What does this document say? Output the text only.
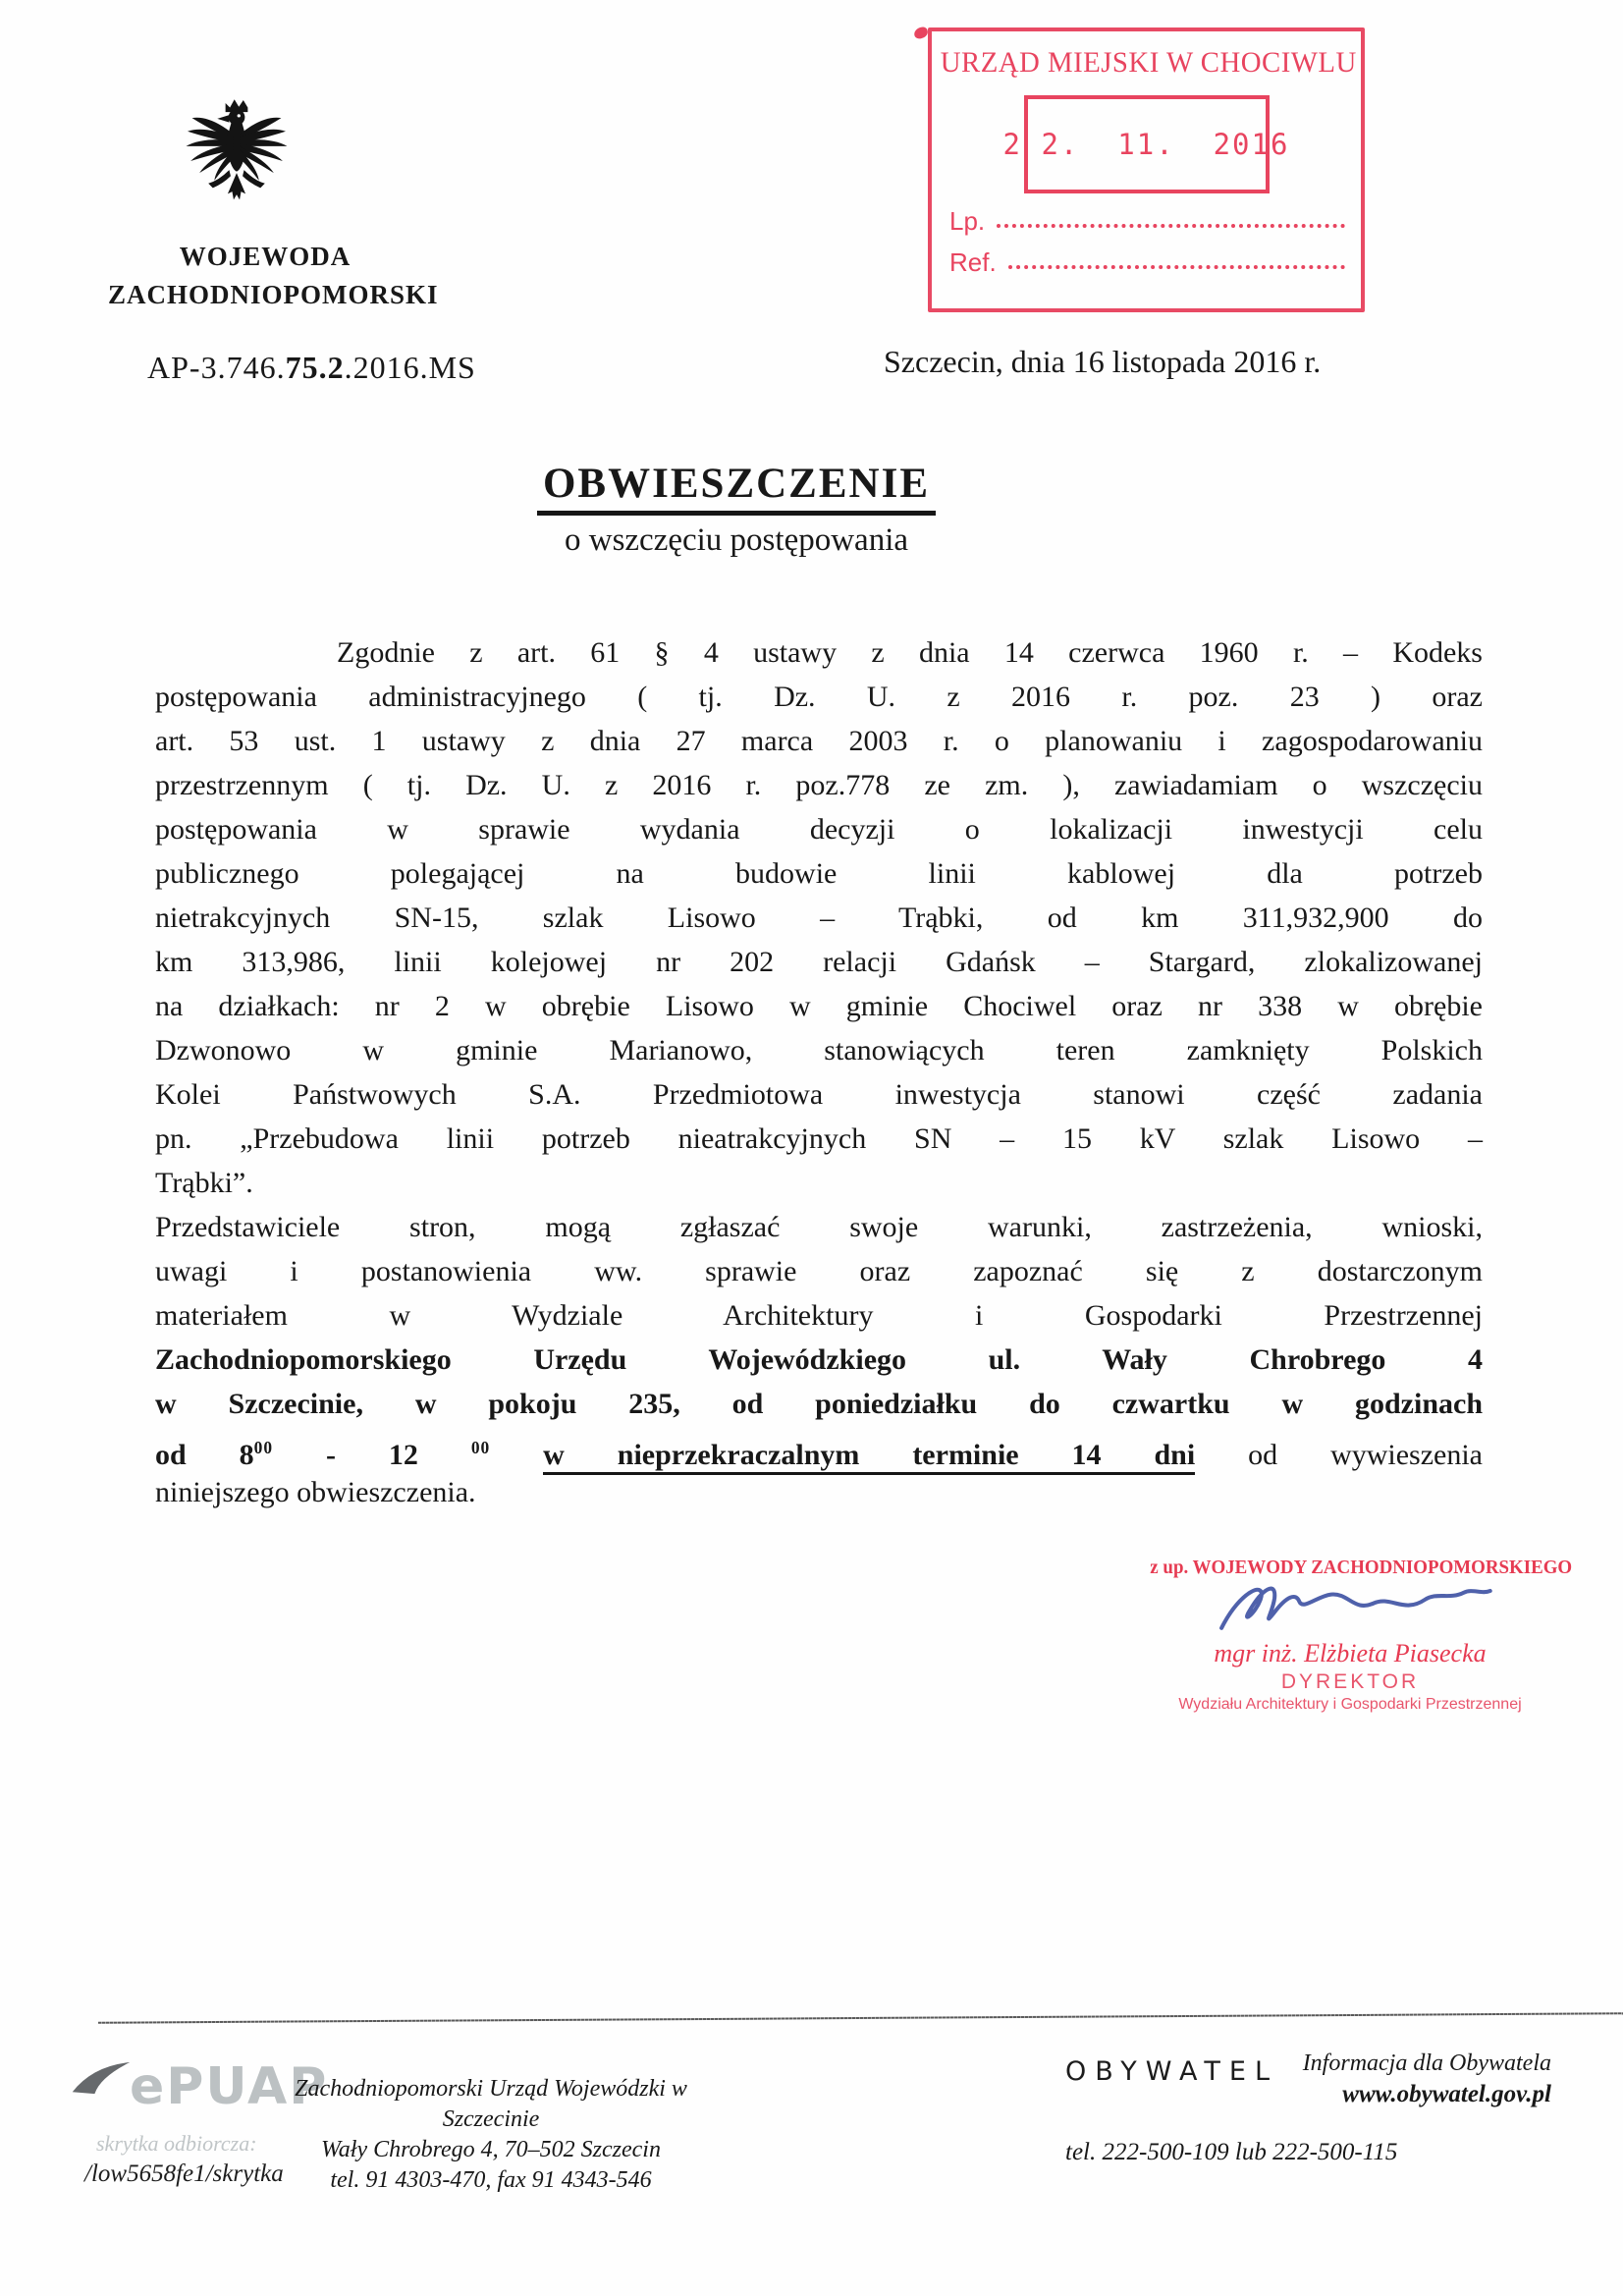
WOJEWODA
ZACHODNIOPOMORSKI
AP-3.746.75.2.2016.MS
URZĄD MIEJSKI W CHOCIWLU
2 2.  11.  2016
Lp.
Ref.
Szczecin, dnia 16 listopada 2016 r.
OBWIESZCZENIE
o wszczęciu postępowania
Zgodnie z art. 61 § 4 ustawy z dnia 14 czerwca 1960 r. – Kodeks
postępowania administracyjnego ( tj. Dz. U. z 2016 r. poz. 23 ) oraz
art. 53 ust. 1 ustawy z dnia 27 marca 2003 r. o planowaniu i zagospodarowaniu
przestrzennym ( tj. Dz. U. z 2016 r. poz.778 ze zm. ), zawiadamiam o wszczęciu
postępowania w sprawie wydania decyzji o lokalizacji inwestycji celu
publicznego polegającej na budowie linii kablowej dla potrzeb
nietrakcyjnych SN-15, szlak Lisowo – Trąbki, od km 311,932,900 do
km 313,986, linii kolejowej nr 202 relacji Gdańsk – Stargard, zlokalizowanej
na działkach: nr 2 w obrębie Lisowo w gminie Chociwel oraz nr 338 w obrębie
Dzwonowo w gminie Marianowo, stanowiących teren zamknięty Polskich
Kolei Państwowych S.A. Przedmiotowa inwestycja stanowi część zadania
pn. „Przebudowa linii potrzeb nieatrakcyjnych SN – 15 kV szlak Lisowo –
Trąbki”.
Przedstawiciele stron, mogą zgłaszać swoje warunki, zastrzeżenia, wnioski,
uwagi i postanowienia ww. sprawie oraz zapoznać się z dostarczonym
materiałem w Wydziale Architektury i Gospodarki Przestrzennej
Zachodniopomorskiego Urzędu Wojewódzkiego ul. Wały Chrobrego 4
w Szczecinie, w pokoju 235, od poniedziałku do czwartku w godzinach
od $8^{00} - 12$ $^{00}$ w nieprzekraczalnym terminie 14 dni od wywieszenia
niniejszego obwieszczenia.
z up. WOJEWODY ZACHODNIOPOMORSKIEGO
mgr inż. Elżbieta Piasecka
DYREKTOR
Wydziału Architektury i Gospodarki Przestrzennej
ePUAP
skrytka odbiorcza:
/low5658fe1/skrytka
Zachodniopomorski Urząd Wojewódzki w Szczecinie
Wały Chrobrego 4, 70–502 Szczecin
tel. 91 4303-470, fax 91 4343-546
OBYWATEL Informacja dla Obywatela
www.obywatel.gov.pl
tel. 222-500-109 lub 222-500-115
